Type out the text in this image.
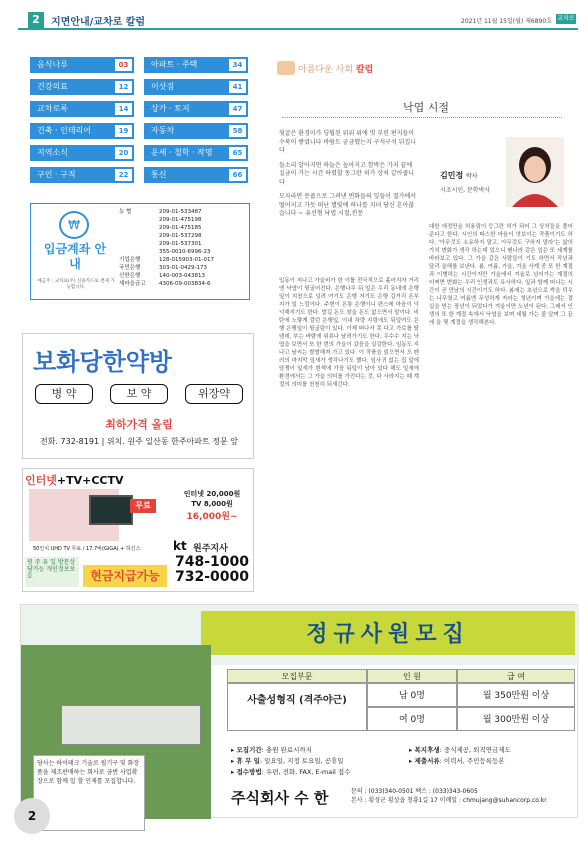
2	지면안내/교차로 칼럼	2021년 11월 15일(월) 제6890호 교차로
음식나루	03	아파트 · 주택	34
건강의료	12	이삿짐	41
교차로록	14	상가 · 토지	47
건축 · 인테리어	19	자동차	58
지역소식	20	운세 · 철학 · 작명	65
구인 · 구직	22	통신	66
₩
입금계좌 안 내
예금주 : 교차로(주) 신용카드로 결제 가능합니다.
농 협	209-01-533487
209-01-475198
209-01-475185
209-01-537298
209-01-537301
355-0010-6996-23
기업은행	128-015903-01-017
국민은행	303-01-0429-173
신한은행	140-003-043813
새마을금고	4306-09-003834-6
보화당한약방
병 약	보 약	위장약
최하가격 올림
전화. 732-8191 | 위치. 원주 일산동 한주아파트 정문 앞
인터넷+TV+CCTV
무료
50인치 UHD TV 무료 / 17.7바(GIGA) + 하신스
원 주 유 일 방문상담가능 개인정보보호	현금지급가능
인터넷 20,000원
TV 8,000원
16,000원~
kt 원주지사
748-1000
732-0000
아름다운 사회 칼럼
낙엽 시절

뒷굴은 환경이가 딩됩된 위위 위에 멋 부린 편지들이 수북이 쌓였니다 바람도 궁금했는지 구석구석 뒤집니다

들소리 알아지면 하늘은 높아지고 깜박은 가지 끝에 실금이 가는 시간 하렸할 동그란 허가 상처 같아줍니다

모자라면 못줍으로 그려낸 변화들의 잎들이 절가에서 떨어지고 가듯 떠난 별빛에 하나를 지녀 당신 흔아찮습니다 ~ 유선형 낙엽 시절,전문

김민정 박사
시조시인, 문학박사
입동이 지나고 가을비가 한 이틀 전국적으로 흩어지자 거리엔 낙엽이 뒹굴어진다. 은행나무 뒤 잎은 우리 동네에 은행잎이 지천으로 널려 여기도 은행 저기도 은행 길거리 온부지가 일 느낌이다. 주변이 온통 은행이니 편스레 마음이 넉넉해지기도 한다. 발길 돈도 찾을 돈도 없으면서 말이다. 비탄에 노랗게 깔린 은행잎, 이내 차량 지령에도 뒤덮여도 은행 은행잎이 뒹굴림이 있다. 이제 떠나서 못 다고 가로를 탈 텐데, 부는 바람에 위류나 날려가기도 한다. 우수수 지는 낙엽을 보면서 또 한 번의 가을이 갔음을 실감한다. 임동도 지나고 날씨는 쌀쌀해져 가고 있다. 이 작품을 읽으면서 오 펜러의 마지막 잎새가 생각나기도 했다. 잎사귀 없는 집 앞에 담쟁이 잎새가 흰색에 가장 뒤덮이 남아 있다 해도 잎새에 환경에서는 그 가을 의미를 가진다는 것, 다 사라지는 때 계절의 의미를 천천히 되새긴다.
대한 애정만을 허용림이 등그란 허가 되어 그 상처들을 풀어준다고 한다. 시인의 따스한 마음이 엿보이는 작품이기도 하다. '아무것도 소유하지 말고, 아무것도 구하지 말라'는 삶의 가치 변화가 생각 하는데 있으니 팬나라 같은 잎은 또 세계를 바라보고 있다. 그 가을 같은 사람들이 기도 하면서 작년과 달리 올해를 보낸다. 봄, 여름, 가을, 겨울 사계 중 또 한 계절과 이별하는 시간이지만 가을에서 겨울로 넘어가는 계절의 어쩌면 변화는 우리 인생과도 유사하다. 잎과 함께 떠나는 시간이 곧 만남의 시간이기도 하다. 봄에는 초년으로 싹을 틔우는 나무였고 여름엔 무성하게 자라는 청년이며 가을에는 결실을 얻는 장년이 되었다가 겨울이면 노년이 된다. 그래서 인생의 또 한 계절 속에서 낙엽을 보며 세월 가는 줄 알며 그 끝에 올 몇 계절을 생각해본다.
정규사원모집
당사는 하이테크 기술로 필기구 및 화장품을 제조판매하는 회사로 금번 사업확장으로 함께 일 할 인재를 모집합니다.
모집부문	인 원	급 여
사출성형직 (격주야근)	남 0명	월 350만원 이상
여 0명	월 300만원 이상
▸ 모집기간: 충원 완료시까지	▸ 복지후생: 중식제공, 퇴직연금제도▸ 휴 무 일: 일요일, 지정 토요일, 공휴일	▸ 제출서류: 이력서, 주민등록등본▸ 접수방법: 우편, 전화, FAX, E-mail 접수
주식회사 수 한	문의 : (033)340-0501 팩스 : (033)343-0605
본사 : 횡성군 횡성읍 청룡1길 17 이메일 : chmujang@suhancorp.co.kr
2
